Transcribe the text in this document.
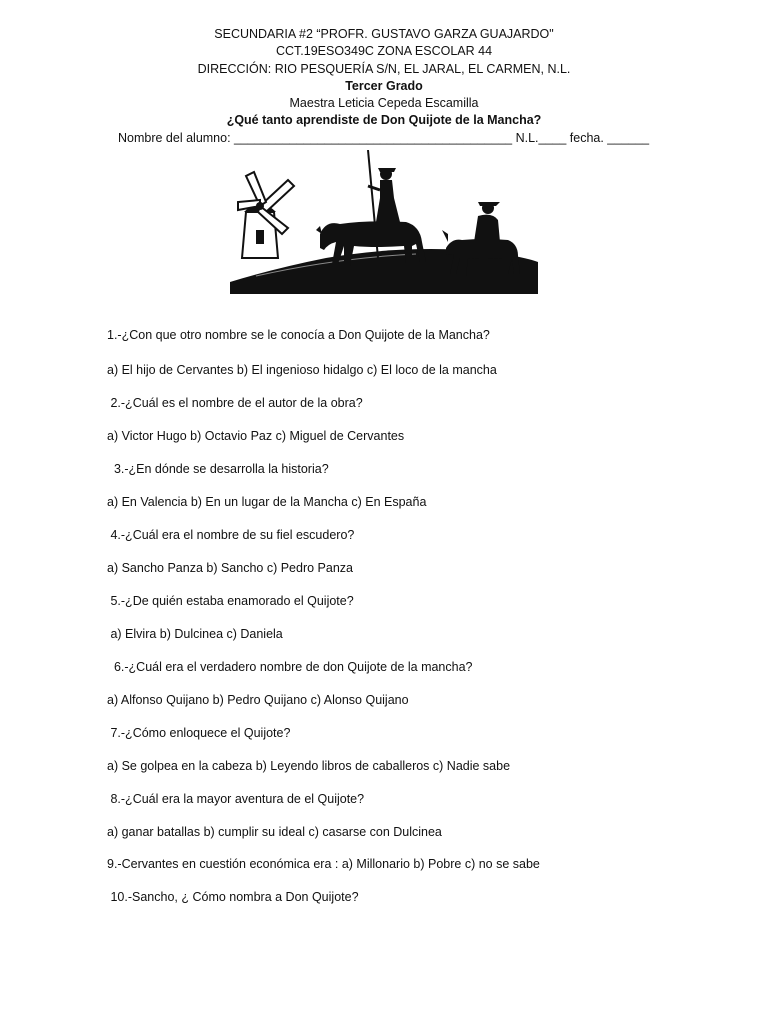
SECUNDARIA #2 “PROFR. GUSTAVO GARZA GUAJARDO"
CCT.19ESO349C ZONA ESCOLAR 44
DIRECCIÓN: RIO PESQUERÍA S/N, EL JARAL, EL CARMEN, N.L.
Tercer Grado
Maestra Leticia Cepeda Escamilla
¿Qué tanto aprendiste de Don Quijote de la Mancha?
Nombre del alumno: ________________________________________ N.L.____ fecha. ______
1.-¿Con que otro nombre se le conocía a Don Quijote de la Mancha?
a) El hijo de Cervantes b) El ingenioso hidalgo c) El loco de la mancha
2.-¿Cuál es el nombre de el autor de la obra?
a) Victor Hugo b) Octavio Paz c) Miguel de Cervantes
3.-¿En dónde se desarrolla la historia?
a) En Valencia b) En un lugar de la Mancha c) En España
4.-¿Cuál era el nombre de su fiel escudero?
a) Sancho Panza b) Sancho c) Pedro Panza
5.-¿De quién estaba enamorado el Quijote?
a) Elvira b) Dulcinea c) Daniela
6.-¿Cuál era el verdadero nombre de don Quijote de la mancha?
a) Alfonso Quijano b) Pedro Quijano c) Alonso Quijano
7.-¿Cómo enloquece el Quijote?
a) Se golpea en la cabeza b) Leyendo libros de caballeros c) Nadie sabe
8.-¿Cuál era la mayor aventura de el Quijote?
a) ganar batallas b) cumplir su ideal c) casarse con Dulcinea
9.-Cervantes en cuestión económica era : a) Millonario b) Pobre c) no se sabe
10.-Sancho, ¿ Cómo nombra a Don Quijote?
